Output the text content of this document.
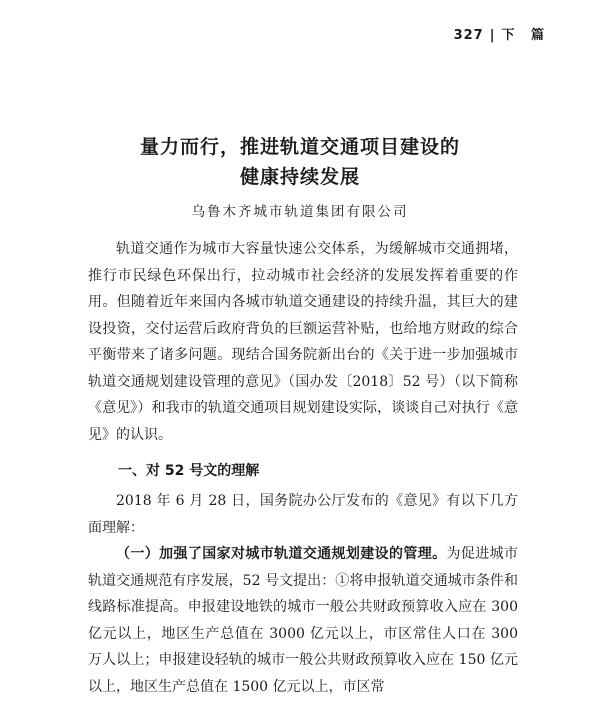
327 | 下 篇
量力而行，推进轨道交通项目建设的
健康持续发展
乌鲁木齐城市轨道集团有限公司

轨道交通作为城市大容量快速公交体系，为缓解城市交通拥堵，推行市民绿色环保出行，拉动城市社会经济的发展发挥着重要的作用。但随着近年来国内各城市轨道交通建设的持续升温，其巨大的建设投资，交付运营后政府背负的巨额运营补贴，也给地方财政的综合平衡带来了诸多问题。现结合国务院新出台的《关于进一步加强城市轨道交通规划建设管理的意见》（国办发〔2018〕52 号）（以下简称《意见》）和我市的轨道交通项目规划建设实际，谈谈自己对执行《意见》的认识。

一、对 52 号文的理解

2018 年 6 月 28 日，国务院办公厅发布的《意见》有以下几方面理解：

（一）加强了国家对城市轨道交通规划建设的管理。为促进城市轨道交通规范有序发展，52 号文提出：①将申报轨道交通城市条件和线路标准提高。申报建设地铁的城市一般公共财政预算收入应在 300 亿元以上，地区生产总值在 3000 亿元以上，市区常住人口在 300 万人以上；申报建设轻轨的城市一般公共财政预算收入应在 150 亿元以上，地区生产总值在 1500 亿元以上，市区常
